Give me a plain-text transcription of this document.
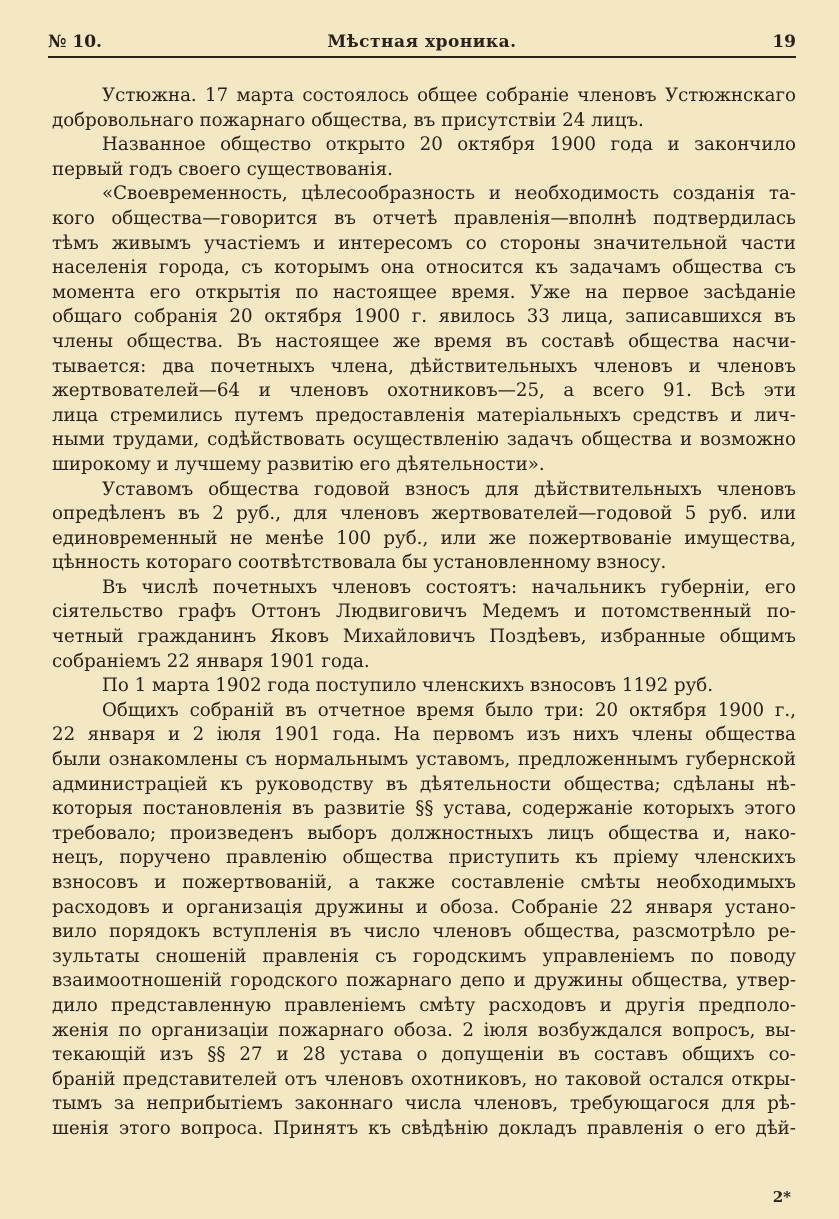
№ 10.	Мѣстная хроника.	19
Устюжна. 17 марта состоялось общее собраніе членовъ Устюжнскаго
добровольнаго пожарнаго общества, въ присутствіи 24 лицъ.
Названное общество открыто 20 октября 1900 года и закончило
первый годъ своего существованія.
«Своевременность, цѣлесообразность и необходимость созданія та-
кого общества—говорится въ отчетѣ правленія—вполнѣ подтвердилась
тѣмъ живымъ участіемъ и интересомъ со стороны значительной части
населенія города, съ которымъ она относится къ задачамъ общества съ
момента его открытія по настоящее время. Уже на первое засѣданіе
общаго собранія 20 октября 1900 г. явилось 33 лица, записавшихся въ
члены общества. Въ настоящее же время въ составѣ общества насчи-
тывается: два почетныхъ члена, дѣйствительныхъ членовъ и членовъ
жертвователей—64 и членовъ охотниковъ—25, а всего 91. Всѣ эти
лица стремились путемъ предоставленія матеріальныхъ средствъ и лич-
ными трудами, содѣйствовать осуществленію задачъ общества и возможно
широкому и лучшему развитію его дѣятельности».
Уставомъ общества годовой взносъ для дѣйствительныхъ членовъ
опредѣленъ въ 2 руб., для членовъ жертвователей—годовой 5 руб. или
единовременный не менѣе 100 руб., или же пожертвованіе имущества,
цѣнность котораго соотвѣтствовала бы установленному взносу.
Въ числѣ почетныхъ членовъ состоятъ: начальникъ губерніи, его
сіятельство графъ Оттонъ Людвиговичъ Медемъ и потомственный по-
четный гражданинъ Яковъ Михайловичъ Поздѣевъ, избранные общимъ
собраніемъ 22 января 1901 года.
По 1 марта 1902 года поступило членскихъ взносовъ 1192 руб.
Общихъ собраній въ отчетное время было три: 20 октября 1900 г.,
22 января и 2 іюля 1901 года. На первомъ изъ нихъ члены общества
были ознакомлены съ нормальнымъ уставомъ, предложеннымъ губернской
администраціей къ руководству въ дѣятельности общества; сдѣланы нѣ-
которыя постановленія въ развитіе §§ устава, содержаніе которыхъ этого
требовало; произведенъ выборъ должностныхъ лицъ общества и, нако-
нецъ, поручено правленію общества приступить къ пріему членскихъ
взносовъ и пожертвованій, а также составленіе смѣты необходимыхъ
расходовъ и организація дружины и обоза. Собраніе 22 января устано-
вило порядокъ вступленія въ число членовъ общества, разсмотрѣло ре-
зультаты сношеній правленія съ городскимъ управленіемъ по поводу
взаимоотношеній городского пожарнаго депо и дружины общества, утвер-
дило представленную правленіемъ смѣту расходовъ и другія предполо-
женія по организаціи пожарнаго обоза. 2 іюля возбуждался вопросъ, вы-
текающій изъ §§ 27 и 28 устава о допущеніи въ составъ общихъ со-
браній представителей отъ членовъ охотниковъ, но таковой остался откры-
тымъ за неприбытіемъ законнаго числа членовъ, требующагося для рѣ-
шенія этого вопроса. Принятъ къ свѣдѣнію докладъ правленія о его дѣй-
2*
